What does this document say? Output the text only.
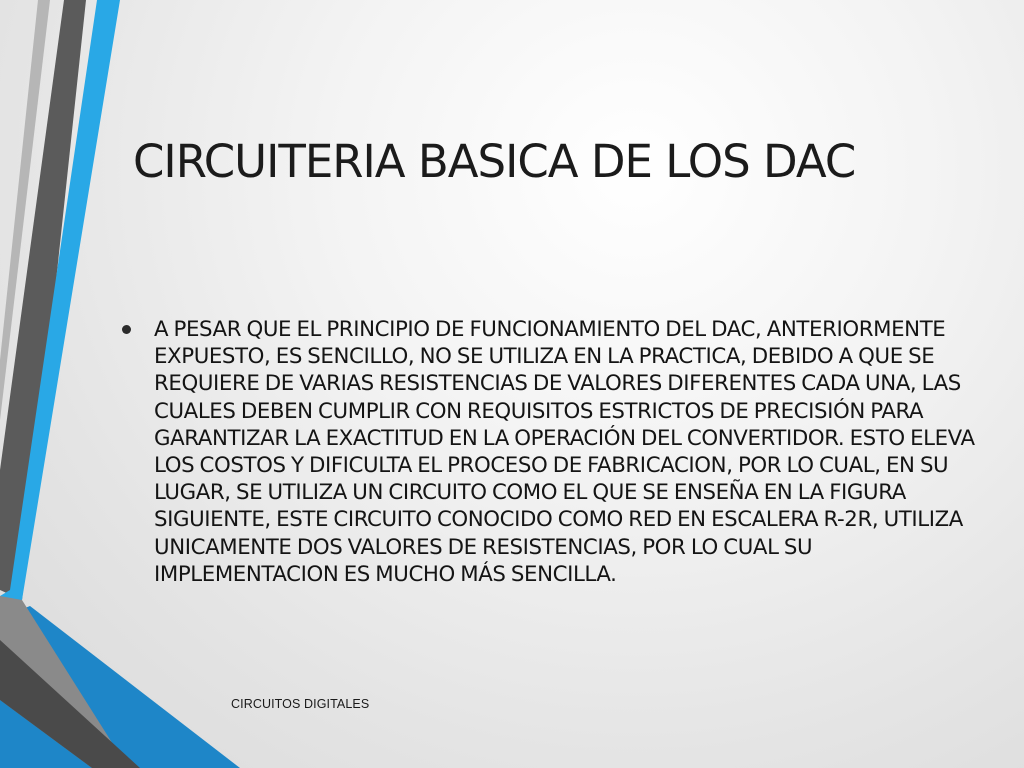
CIRCUITERIA BASICA DE LOS DAC
A PESAR QUE EL PRINCIPIO DE FUNCIONAMIENTO DEL DAC, ANTERIORMENTE EXPUESTO, ES SENCILLO, NO SE UTILIZA EN LA PRACTICA, DEBIDO A QUE SE REQUIERE DE VARIAS RESISTENCIAS DE VALORES DIFERENTES CADA UNA, LAS CUALES DEBEN CUMPLIR CON REQUISITOS ESTRICTOS DE PRECISIÓN PARA GARANTIZAR LA EXACTITUD EN LA OPERACIÓN DEL CONVERTIDOR. ESTO ELEVA LOS COSTOS Y DIFICULTA EL PROCESO DE FABRICACION, POR LO CUAL, EN SU LUGAR, SE UTILIZA UN CIRCUITO COMO EL QUE SE ENSEÑA EN LA FIGURA SIGUIENTE, ESTE CIRCUITO CONOCIDO COMO RED EN ESCALERA R-2R, UTILIZA UNICAMENTE DOS VALORES DE RESISTENCIAS, POR LO CUAL SU IMPLEMENTACION ES MUCHO MÁS SENCILLA.
CIRCUITOS DIGITALES
